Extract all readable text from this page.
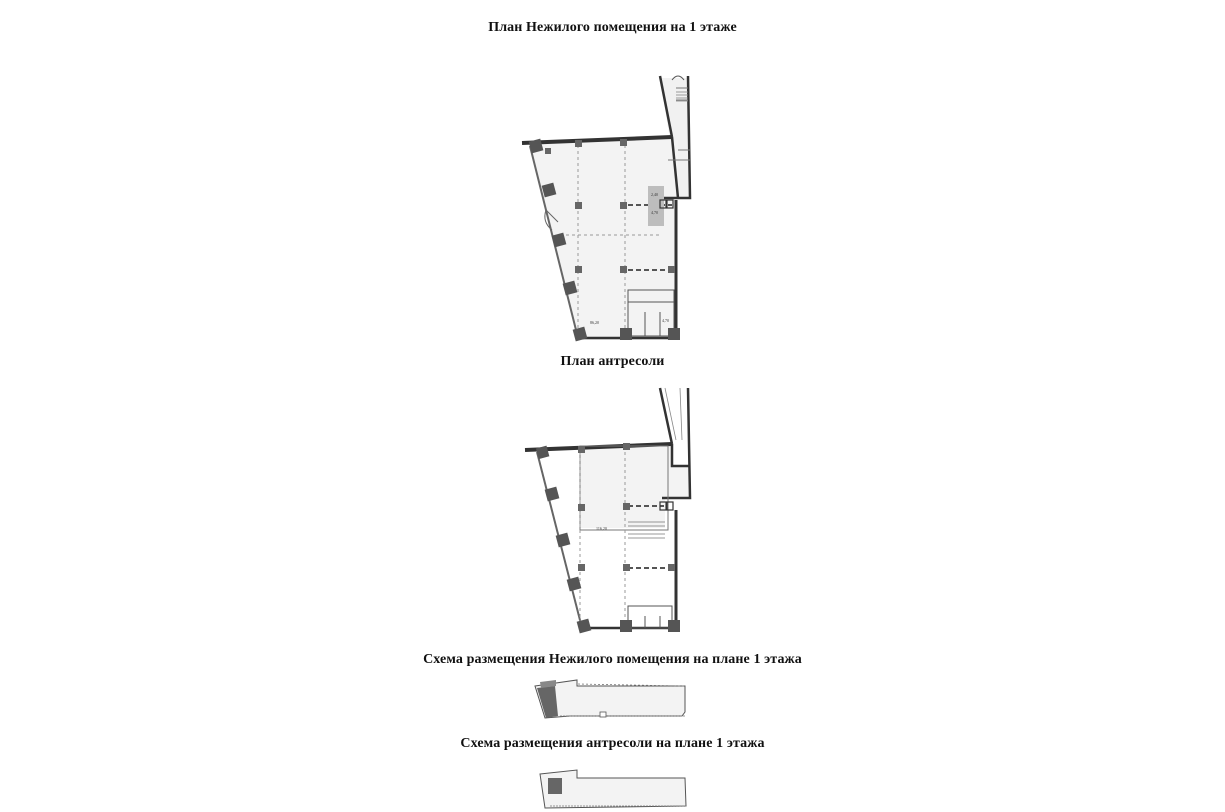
План Нежилого помещения на 1 этаже
План антресоли
Схема размещения Нежилого помещения на плане 1 этажа
Схема размещения антресоли на плане 1 этажа
2,40
4,70
4,70
86,20
116,20
